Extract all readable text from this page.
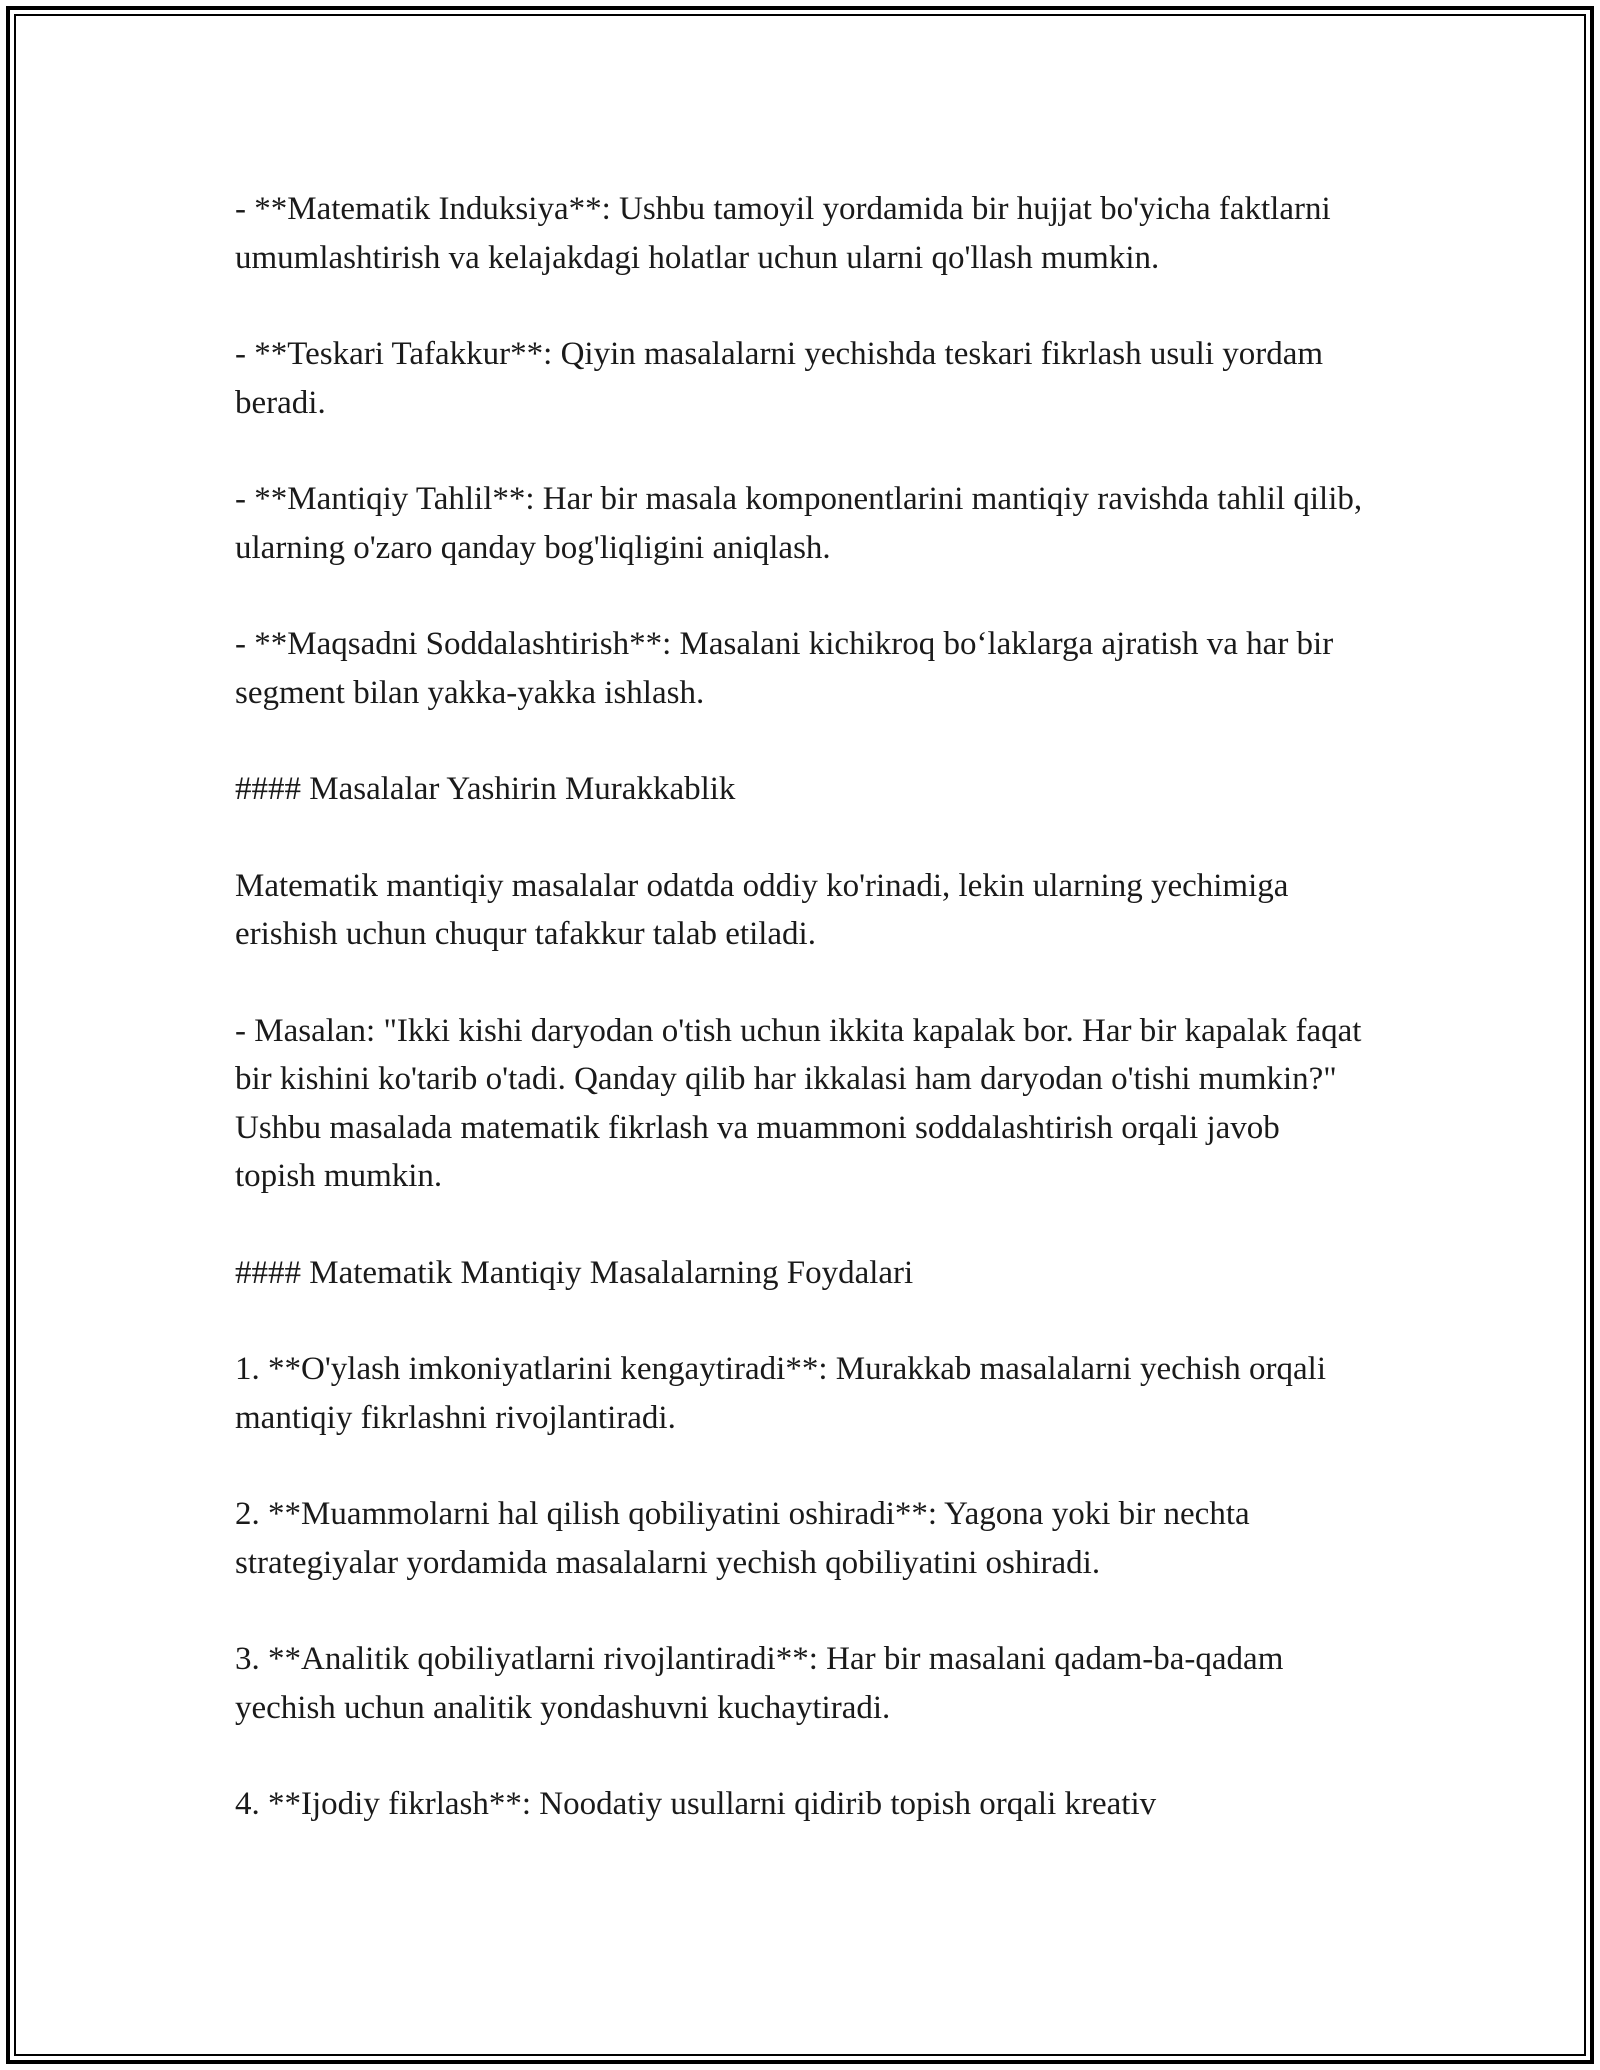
- **Matematik Induksiya**: Ushbu tamoyil yordamida bir hujjat bo'yicha faktlarni umumlashtirish va kelajakdagi holatlar uchun ularni qo'llash mumkin.

- **Teskari Tafakkur**: Qiyin masalalarni yechishda teskari fikrlash usuli yordam beradi.

- **Mantiqiy Tahlil**: Har bir masala komponentlarini mantiqiy ravishda tahlil qilib, ularning o'zaro qanday bog'liqligini aniqlash.

- **Maqsadni Soddalashtirish**: Masalani kichikroq bo‘laklarga ajratish va har bir segment bilan yakka-yakka ishlash.

#### Masalalar Yashirin Murakkablik

Matematik mantiqiy masalalar odatda oddiy ko'rinadi, lekin ularning yechimiga erishish uchun chuqur tafakkur talab etiladi.

- Masalan: "Ikki kishi daryodan o'tish uchun ikkita kapalak bor. Har bir kapalak faqat bir kishini ko'tarib o'tadi. Qanday qilib har ikkalasi ham daryodan o'tishi mumkin?" Ushbu masalada matematik fikrlash va muammoni soddalashtirish orqali javob topish mumkin.

#### Matematik Mantiqiy Masalalarning Foydalari

1. **O'ylash imkoniyatlarini kengaytiradi**: Murakkab masalalarni yechish orqali mantiqiy fikrlashni rivojlantiradi.

2. **Muammolarni hal qilish qobiliyatini oshiradi**: Yagona yoki bir nechta strategiyalar yordamida masalalarni yechish qobiliyatini oshiradi.

3. **Analitik qobiliyatlarni rivojlantiradi**: Har bir masalani qadam-ba-qadam yechish uchun analitik yondashuvni kuchaytiradi.

4. **Ijodiy fikrlash**: Noodatiy usullarni qidirib topish orqali kreativ
